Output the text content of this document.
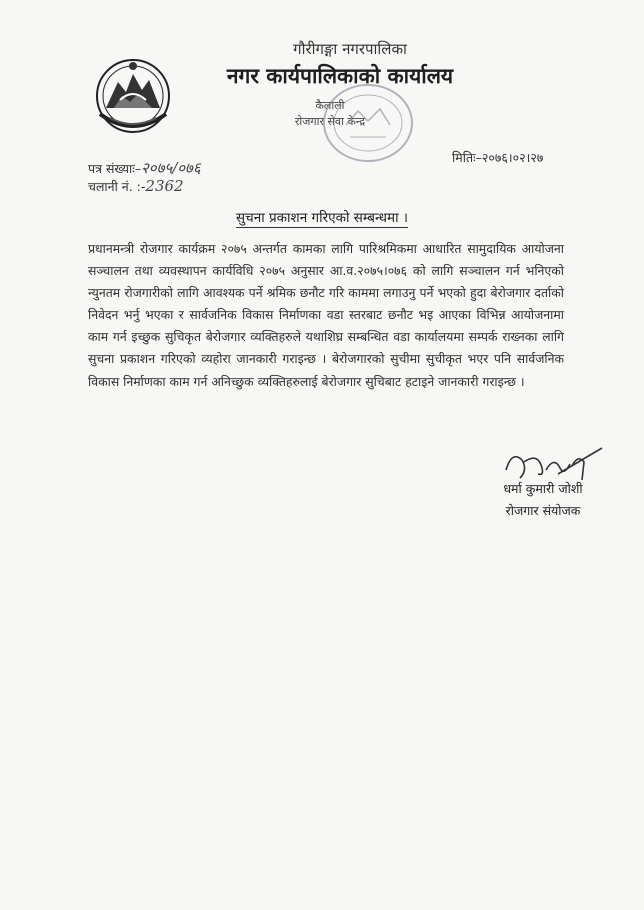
गौरीगङ्गा नगरपालिका
नगर कार्यपालिकाको कार्यालय
कैलाली
रोजगार सेवा केन्द्र
पत्र संख्याः–२०७५/०७६
चलानी नं. :-2362
मितिः–२०७६।०२।२७
सुचना प्रकाशन गरिएको सम्बन्धमा ।
प्रधानमन्त्री रोजगार कार्यक्रम २०७५ अन्तर्गत कामका लागि पारिश्रमिकमा आधारित सामुदायिक आयोजना सञ्चालन तथा व्यवस्थापन कार्यविधि २०७५ अनुसार आ.व.२०७५।०७६ को लागि सञ्चालन गर्न भनिएको न्युनतम रोजगारीको लागि आवश्यक पर्ने श्रमिक छनौट गरि काममा लगाउनु पर्ने भएको हुदा बेरोजगार दर्ताको निवेदन भर्नु भएका र सार्वजनिक विकास निर्माणका वडा स्तरबाट छनौट भइ आएका विभिन्न आयोजनामा काम गर्न इच्छुक सुचिकृत बेरोजगार व्यक्तिहरुले यथाशिघ्र सम्बन्धित वडा कार्यालयमा सम्पर्क राख्नका लागि सुचना प्रकाशन गरिएको व्यहोरा जानकारी गराइन्छ । बेरोजगारको सुचीमा सुचीकृत भएर पनि सार्वजनिक विकास निर्माणका काम गर्न अनिच्छुक व्यक्तिहरुलाई बेरोजगार सुचिबाट हटाइने जानकारी गराइन्छ ।
धर्मा कुमारी जोशी
रोजगार संयोजक
